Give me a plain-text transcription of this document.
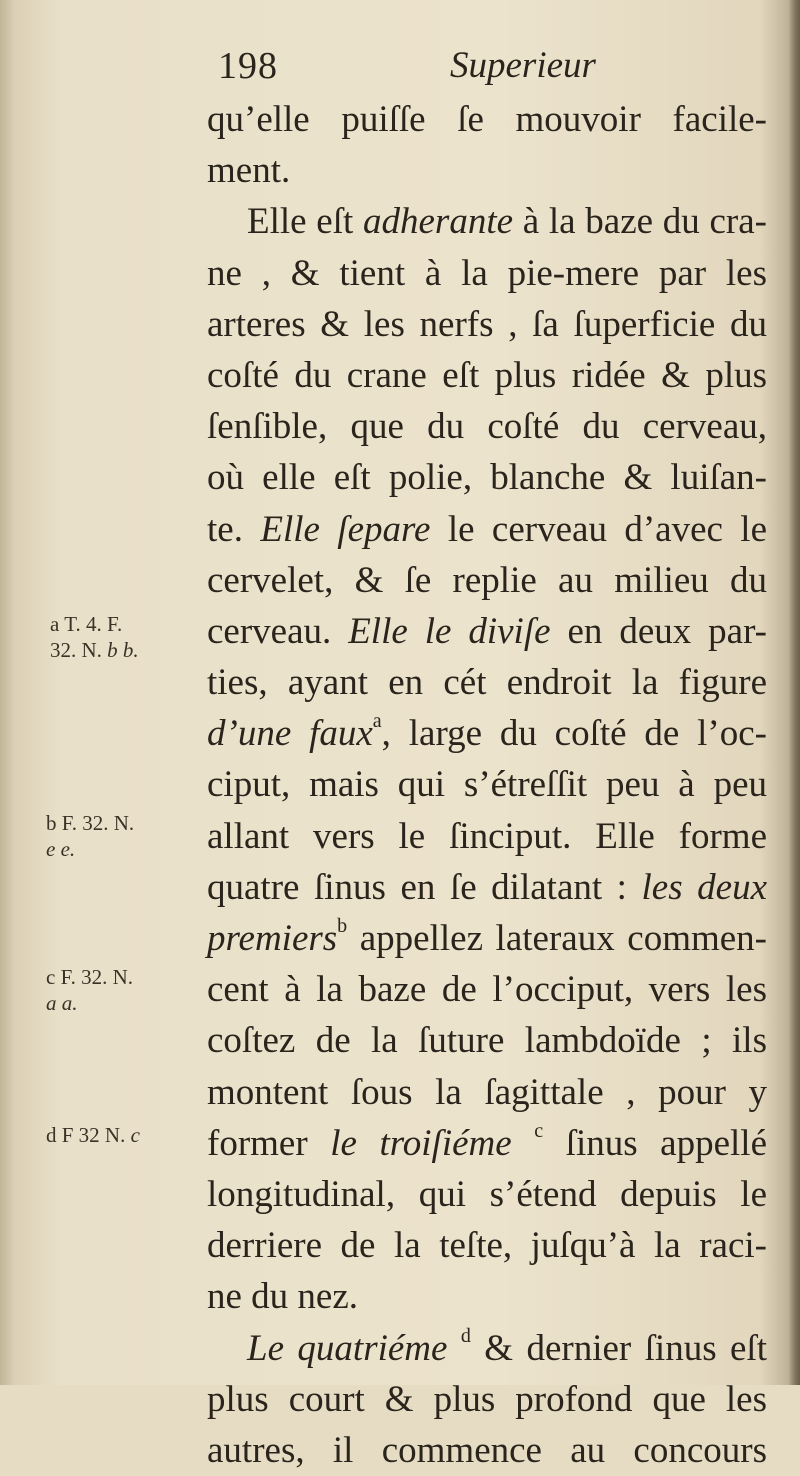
198	Superieur
qu’elle puiſſe ſe mouvoir facile-
ment.
Elle eſt adherante à la baze du cra-
ne , & tient à la pie-mere par les
arteres & les nerfs , ſa ſuperficie du
coſté du crane eſt plus ridée & plus
ſenſible, que du coſté du cerveau,
où elle eſt polie, blanche & luiſan-
te. Elle ſepare le cerveau d’avec le
cervelet, & ſe replie au milieu du
cerveau. Elle le diviſe en deux par-
ties, ayant en cét endroit la figure
d’une faux$^a$, large du coſté de l’oc-
ciput, mais qui s’étreſſit peu à peu
allant vers le ſinciput. Elle forme
quatre ſinus en ſe dilatant : les deux
premiers$^b$ appellez lateraux commen-
cent à la baze de l’occiput, vers les
coſtez de la ſuture lambdoïde ; ils
montent ſous la ſagittale , pour y
former le troiſiéme $^c$ ſinus appellé
longitudinal, qui s’étend depuis le
derriere de la teſte, juſqu’à la raci-
ne du nez.
Le quatriéme $^d$ & dernier ſinus eſt
plus court & plus profond que les
autres, il commence au concours
a T. 4. F.
32. N. b b.
b F. 32. N.
e e.
c F. 32. N.
a a.
d F 32 N. c
